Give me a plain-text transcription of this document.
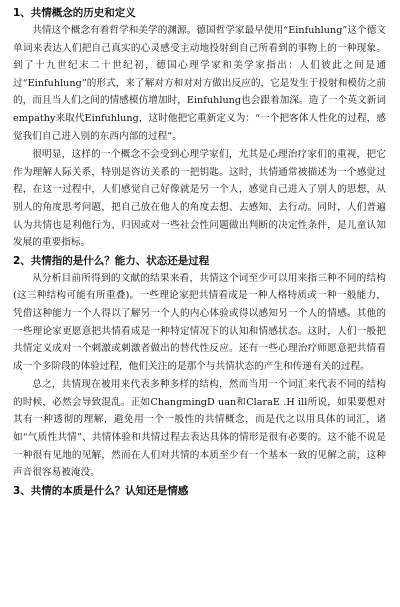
1、共情概念的历史和定义

共情这个概念有着哲学和美学的渊源。德国哲学家最早使用“Einfuhlung”这个德文单词来表达人们把自己真实的心灵感受主动地投射到自己所看到的事物上的一种现象。到了十九世纪末二十世纪初，德国心理学家和美学家指出：人们彼此之间是通过“Einfuhlung”的形式，来了解对方和对对方做出反应的，它是发生于投射和模仿之前的，而且当人们之间的情感模仿增加时，Einfuhlung也会跟着加深。造了一个英文新词empathy来取代Einfuhlung，这时他把它重新定义为：“一个把客体人性化的过程，感觉我们自己进入别的东西内部的过程”。

很明显，这样的一个概念不会受到心理学家们，尤其是心理治疗家们的重视，把它作为理解人际关系，特别是咨访关系的一把钥匙。这时，共情通常被描述为一个感觉过程，在这一过程中，人们感觉自己好像就是另一个人，感觉自己进入了别人的思想，从别人的角度思考问题，把自己放在他人的角度去想、去感知、去行动。同时，人们普遍认为共情也是利他行为、归因或对一些社会性问题做出判断的决定性条件，是儿童认知发展的重要指标。

2、共情指的是什么？能力、状态还是过程

从分析目前所得到的文献的结果来看，共情这个词至少可以用来指三种不同的结构(这三种结构可能有所重叠)。一些理论家把共情看成是一种人格特质或一种一般能力，凭借这种能力一个人得以了解另一个人的内心体验或得以感知另一个人的情感。其他的一些理论家更愿意把共情看成是一种特定情况下的认知和情感状态。这时，人们一般把共情定义成对一个刺激或刺激者做出的替代性反应。还有一些心理治疗师愿意把共情看成一个多阶段的体验过程，他们关注的是那个与共情状态的产生和传递有关的过程。

总之，共情现在被用来代表多种多样的结构，然而当用一个词汇来代表不同的结构的时候，必然会导致混乱。正如ChangmingD uan和ClaraE .H ill所说，如果要想对其有一种透彻的理解，避免用一个一般性的共情概念，而是代之以用具体的词汇，诸如“气质性共情”、共情体验和共情过程去表达具体的情形是很有必要的。这不能不说是一种很有见地的见解，然而在人们对共情的本质至少有一个基本一致的见解之前，这种声音很容易被淹没。

3、共情的本质是什么？认知还是情感
